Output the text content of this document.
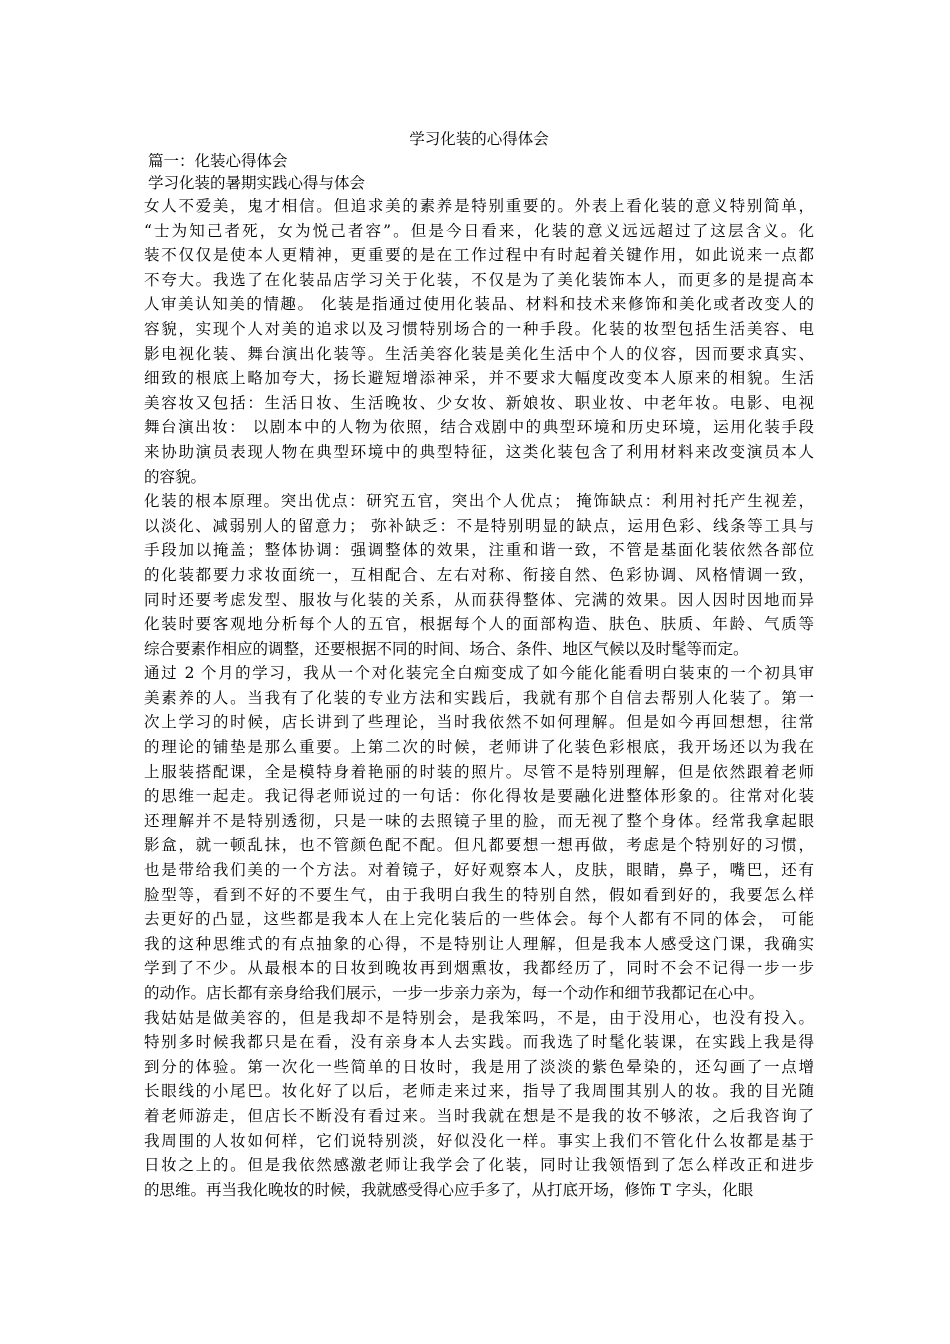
学习化装的心得体会
篇一：化装心得体会
学习化装的暑期实践心得与体会
女人不爱美，鬼才相信。但追求美的素养是特别重要的。外表上看化装的意义特别简单，
“士为知己者死，女为悦己者容”。但是今日看来，化装的意义远远超过了这层含义。化
装不仅仅是使本人更精神，更重要的是在工作过程中有时起着关键作用，如此说来一点都
不夸大。我选了在化装品店学习关于化装，不仅是为了美化装饰本人，而更多的是提高本
人审美认知美的情趣。 化装是指通过使用化装品、材料和技术来修饰和美化或者改变人的
容貌，实现个人对美的追求以及习惯特别场合的一种手段。化装的妆型包括生活美容、电
影电视化装、舞台演出化装等。生活美容化装是美化生活中个人的仪容，因而要求真实、
细致的根底上略加夸大，扬长避短增添神采，并不要求大幅度改变本人原来的相貌。生活
美容妆又包括：生活日妆、生活晚妆、少女妆、新娘妆、职业妆、中老年妆。电影、电视
舞台演出妆： 以剧本中的人物为依照，结合戏剧中的典型环境和历史环境，运用化装手段
来协助演员表现人物在典型环境中的典型特征，这类化装包含了利用材料来改变演员本人
的容貌。
化装的根本原理。突出优点：研究五官，突出个人优点； 掩饰缺点：利用衬托产生视差，
以淡化、减弱别人的留意力； 弥补缺乏：不是特别明显的缺点，运用色彩、线条等工具与
手段加以掩盖；整体协调：强调整体的效果，注重和谐一致，不管是基面化装依然各部位
的化装都要力求妆面统一，互相配合、左右对称、衔接自然、色彩协调、风格情调一致，
同时还要考虑发型、服妆与化装的关系，从而获得整体、完满的效果。因人因时因地而异
化装时要客观地分析每个人的五官，根据每个人的面部构造、肤色、肤质、年龄、气质等
综合要素作相应的调整，还要根据不同的时间、场合、条件、地区气候以及时髦等而定。
通过 2 个月的学习，我从一个对化装完全白痴变成了如今能化能看明白装束的一个初具审
美素养的人。当我有了化装的专业方法和实践后，我就有那个自信去帮别人化装了。第一
次上学习的时候，店长讲到了些理论，当时我依然不如何理解。但是如今再回想想，往常
的理论的铺垫是那么重要。上第二次的时候，老师讲了化装色彩根底，我开场还以为我在
上服装搭配课，全是模特身着艳丽的时装的照片。尽管不是特别理解，但是依然跟着老师
的思维一起走。我记得老师说过的一句话：你化得妆是要融化进整体形象的。往常对化装
还理解并不是特别透彻，只是一味的去照镜子里的脸，而无视了整个身体。经常我拿起眼
影盒，就一顿乱抹，也不管颜色配不配。但凡都要想一想再做，考虑是个特别好的习惯，
也是带给我们美的一个方法。对着镜子，好好观察本人，皮肤，眼睛，鼻子，嘴巴，还有
脸型等，看到不好的不要生气，由于我明白我生的特别自然，假如看到好的，我要怎么样
去更好的凸显，这些都是我本人在上完化装后的一些体会。每个人都有不同的体会， 可能
我的这种思维式的有点抽象的心得，不是特别让人理解，但是我本人感受这门课，我确实
学到了不少。从最根本的日妆到晚妆再到烟熏妆，我都经历了，同时不会不记得一步一步
的动作。店长都有亲身给我们展示，一步一步亲力亲为，每一个动作和细节我都记在心中。
我姑姑是做美容的，但是我却不是特别会，是我笨吗，不是，由于没用心，也没有投入。
特别多时候我都只是在看，没有亲身本人去实践。而我选了时髦化装课，在实践上我是得
到分的体验。第一次化一些简单的日妆时，我是用了淡淡的紫色晕染的，还勾画了一点增
长眼线的小尾巴。妆化好了以后，老师走来过来，指导了我周围其别人的妆。我的目光随
着老师游走，但店长不断没有看过来。当时我就在想是不是我的妆不够浓，之后我咨询了
我周围的人妆如何样，它们说特别淡，好似没化一样。事实上我们不管化什么妆都是基于
日妆之上的。但是我依然感激老师让我学会了化装，同时让我领悟到了怎么样改正和进步
的思维。再当我化晚妆的时候，我就感受得心应手多了，从打底开场，修饰 T 字头，化眼
